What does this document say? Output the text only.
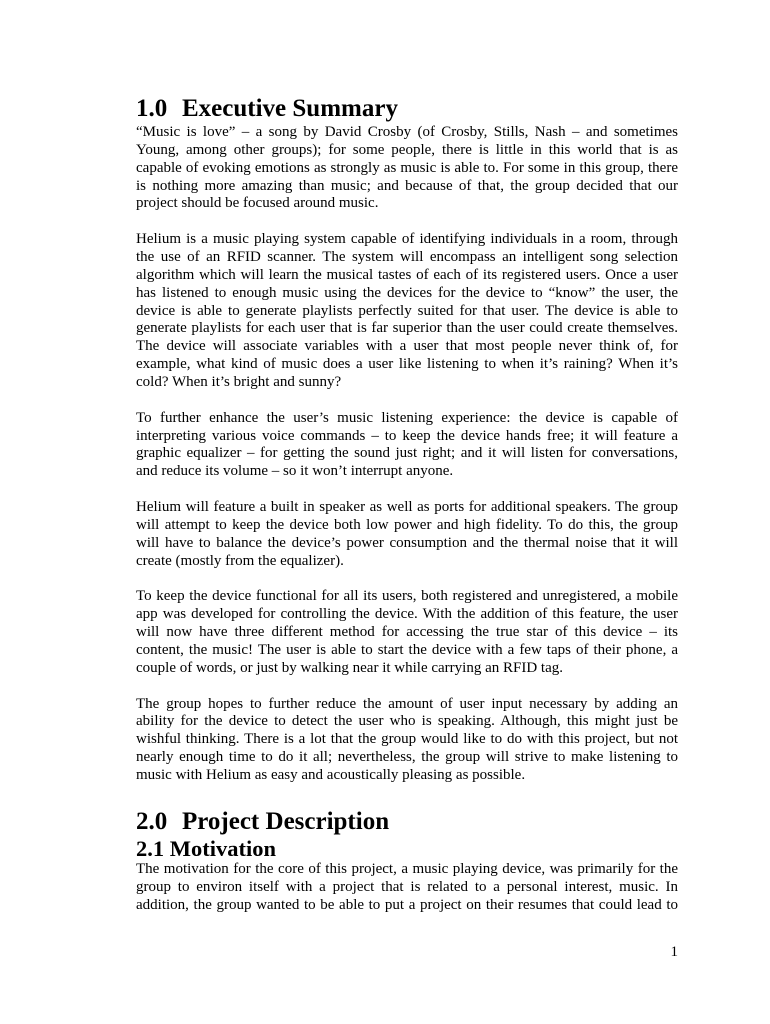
1.0 Executive Summary
“Music is love” – a song by David Crosby (of Crosby, Stills, Nash – and sometimes
Young, among other groups); for some people, there is little in this world that is as
capable of evoking emotions as strongly as music is able to. For some in this group, there
is nothing more amazing than music; and because of that, the group decided that our
project should be focused around music.
Helium is a music playing system capable of identifying individuals in a room, through
the use of an RFID scanner. The system will encompass an intelligent song selection
algorithm which will learn the musical tastes of each of its registered users. Once a user
has listened to enough music using the devices for the device to “know” the user, the
device is able to generate playlists perfectly suited for that user. The device is able to
generate playlists for each user that is far superior than the user could create themselves.
The device will associate variables with a user that most people never think of, for
example, what kind of music does a user like listening to when it’s raining? When it’s
cold? When it’s bright and sunny?
To further enhance the user’s music listening experience: the device is capable of
interpreting various voice commands – to keep the device hands free; it will feature a
graphic equalizer – for getting the sound just right; and it will listen for conversations,
and reduce its volume – so it won’t interrupt anyone.
Helium will feature a built in speaker as well as ports for additional speakers. The group
will attempt to keep the device both low power and high fidelity. To do this, the group
will have to balance the device’s power consumption and the thermal noise that it will
create (mostly from the equalizer).
To keep the device functional for all its users, both registered and unregistered, a mobile
app was developed for controlling the device. With the addition of this feature, the user
will now have three different method for accessing the true star of this device – its
content, the music! The user is able to start the device with a few taps of their phone, a
couple of words, or just by walking near it while carrying an RFID tag.
The group hopes to further reduce the amount of user input necessary by adding an
ability for the device to detect the user who is speaking. Although, this might just be
wishful thinking. There is a lot that the group would like to do with this project, but not
nearly enough time to do it all; nevertheless, the group will strive to make listening to
music with Helium as easy and acoustically pleasing as possible.
2.0 Project Description
2.1 Motivation
The motivation for the core of this project, a music playing device, was primarily for the
group to environ itself with a project that is related to a personal interest, music. In
addition, the group wanted to be able to put a project on their resumes that could lead to
1
